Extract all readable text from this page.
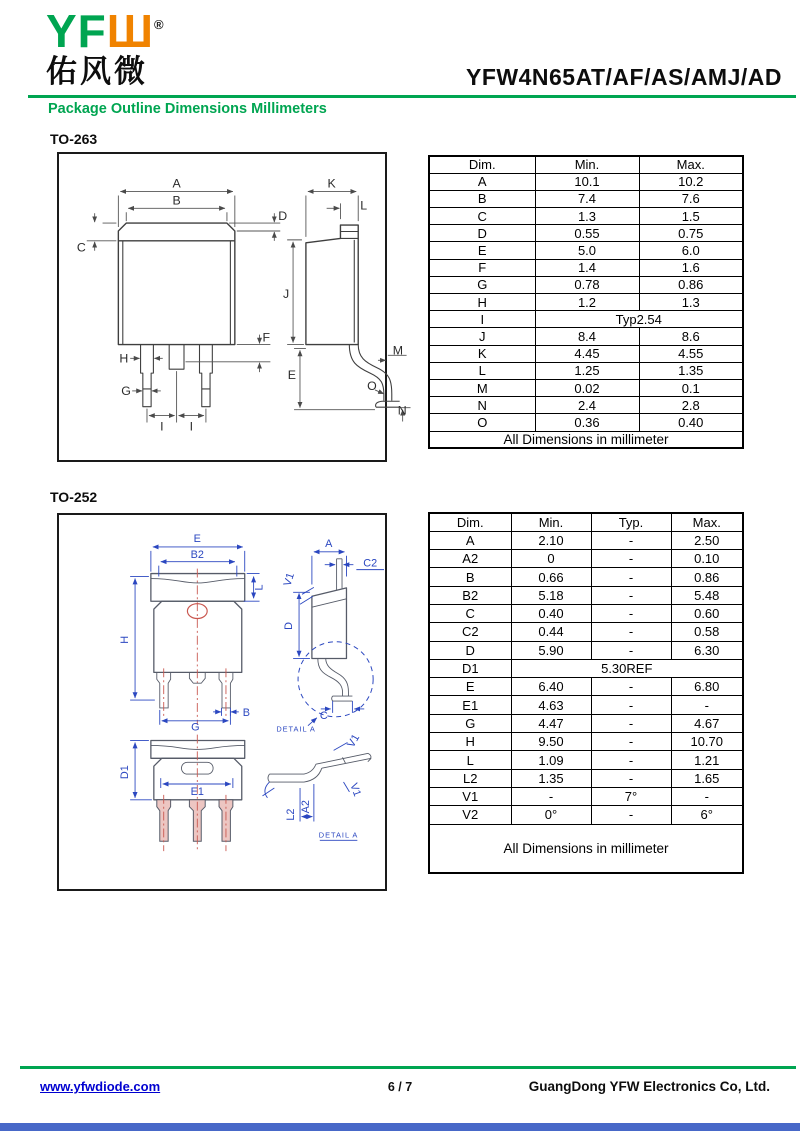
YFШ®
佑风微	YFW4N65AT/AF/AS/AMJ/AD
Package Outline Dimensions Millimeters
TO-263
A
B
C
D
F
H
G
I I
K
L
J
E
M
O
N
Dim.	Min.	Max.
A	10.1	10.2
B	7.4	7.6
C	1.3	1.5
D	0.55	0.75
E	5.0	6.0
F	1.4	1.6
G	0.78	0.86
H	1.2	1.3
I	Typ2.54	
J	8.4	8.6
K	4.45	4.55
L	1.25	1.35
M	0.02	0.1
N	2.4	2.8
O	0.36	0.40
All Dimensions in millimeter		
TO-252
E
B2
L
H
B
G
D1
E1
A
C2
V1
D
C
DETAIL A
V1
L2
A2
V1
DETAIL A
Dim.	Min.	Typ.	Max.
A	2.10	-	2.50
A2	0	-	0.10
B	0.66	-	0.86
B2	5.18	-	5.48
C	0.40	-	0.60
C2	0.44	-	0.58
D	5.90	-	6.30
D1	5.30REF		
E	6.40	-	6.80
E1	4.63	-	-
G	4.47	-	4.67
H	9.50	-	10.70
L	1.09	-	1.21
L2	1.35	-	1.65
V1	-	7°	-
V2	0°	-	6°
All Dimensions in millimeter			
www.yfwdiode.com	6 / 7	GuangDong YFW Electronics Co, Ltd.
